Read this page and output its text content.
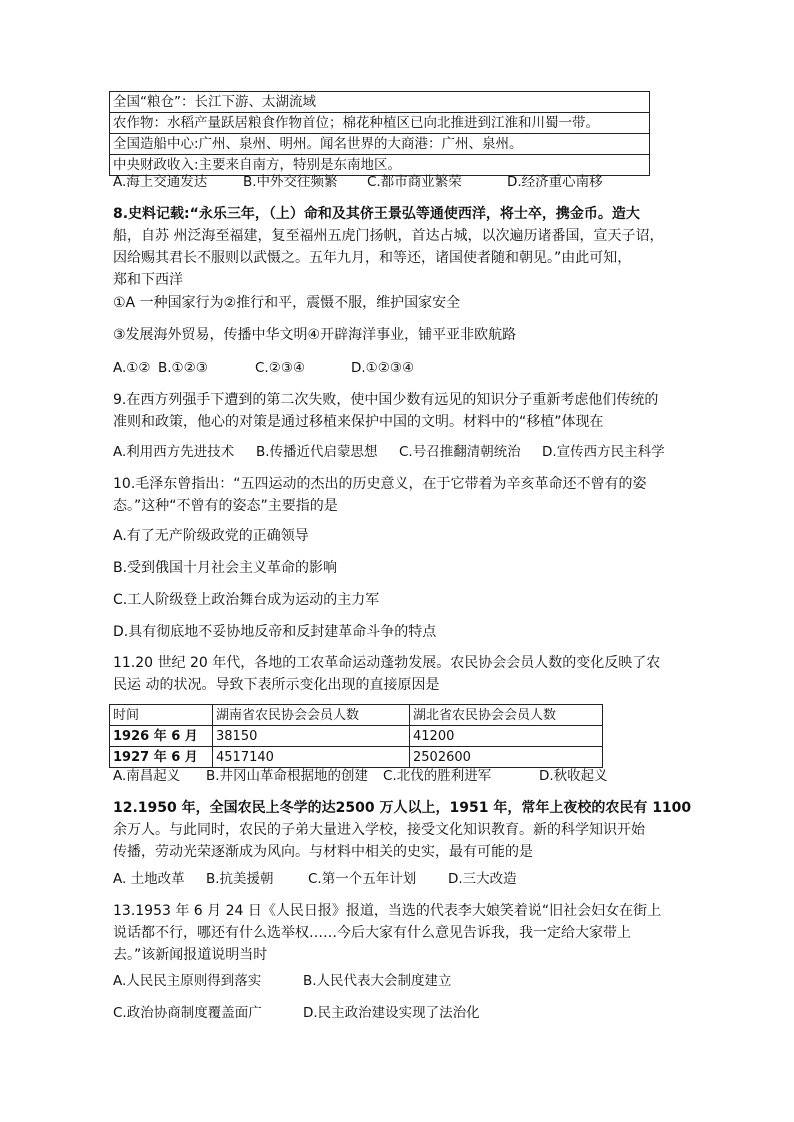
全国“粮仓”：长江下游、太湖流域
农作物：水稻产量跃居粮食作物首位；棉花种植区已向北推进到江淮和川蜀一带。
全国造船中心:广州、泉州、明州。闻名世界的大商港：广州、泉州。
中央财政收入:主要来自南方，特别是东南地区。
A.海上交通发达	B.中外交往频繁	C.都市商业繁荣	D.经济重心南移

8.史料记载:“永乐三年，（上）命和及其侪王景弘等通使西洋，将士卒，携金币。造大

船，自苏 州泛海至福建，复至福州五虎门扬帆，首达占城，以次遍历诸番国，宣天子诏，

因给赐其君长不服则以武慑之。五年九月，和等还，诸国使者随和朝见。”由此可知，

郑和下西洋

①A 一种国家行为②推行和平，震慑不服，维护国家安全

③发展海外贸易，传播中华文明④开辟海洋事业，铺平亚非欧航路

A.①② B.①②③	C.②③④	D.①②③④

9.在西方列强手下遭到的第二次失败，使中国少数有远见的知识分子重新考虑他们传统的

准则和政策，他心的对策是通过移植来保护中国的文明。材料中的“移植”体现在

A.利用西方先进技术	B.传播近代启蒙思想	C.号召推翻清朝统治	D.宣传西方民主科学

10.毛泽东曾指出：“五四运动的杰出的历史意义，在于它带着为辛亥革命还不曾有的姿

态。”这种“不曾有的姿态”主要指的是

A.有了无产阶级政党的正确领导

B.受到俄国十月社会主义革命的影响

C.工人阶级登上政治舞台成为运动的主力军

D.具有彻底地不妥协地反帝和反封建革命斗争的特点

11.20 世纪 20 年代，各地的工农革命运动蓬勃发展。农民协会会员人数的变化反映了农

民运 动的状况。导致下表所示变化出现的直接原因是

时间	湖南省农民协会会员人数	湖北省农民协会会员人数
1926 年 6 月	38150	41200
1927 年 6 月	4517140	2502600
A.南昌起义	B.井冈山革命根据地的创建	C.北伐的胜利进军	D.秋收起义

12.1950 年，全国农民上冬学的达2500 万人以上，1951 年，常年上夜校的农民有 1100

余万人。与此同时，农民的子弟大量进入学校，接受文化知识教育。新的科学知识开始

传播，劳动光荣逐渐成为风向。与材料中相关的史实，最有可能的是

A. 土地改革	B.抗美援朝	C.第一个五年计划	D.三大改造

13.1953 年 6 月 24 日《人民日报》报道，当选的代表李大娘笑着说“旧社会妇女在街上

说话都不行，哪还有什么选举权……今后大家有什么意见告诉我，我一定给大家带上

去。”该新闻报道说明当时

A.人民民主原则得到落实	B.人民代表大会制度建立
C.政治协商制度覆盖面广	D.民主政治建设实现了法治化
